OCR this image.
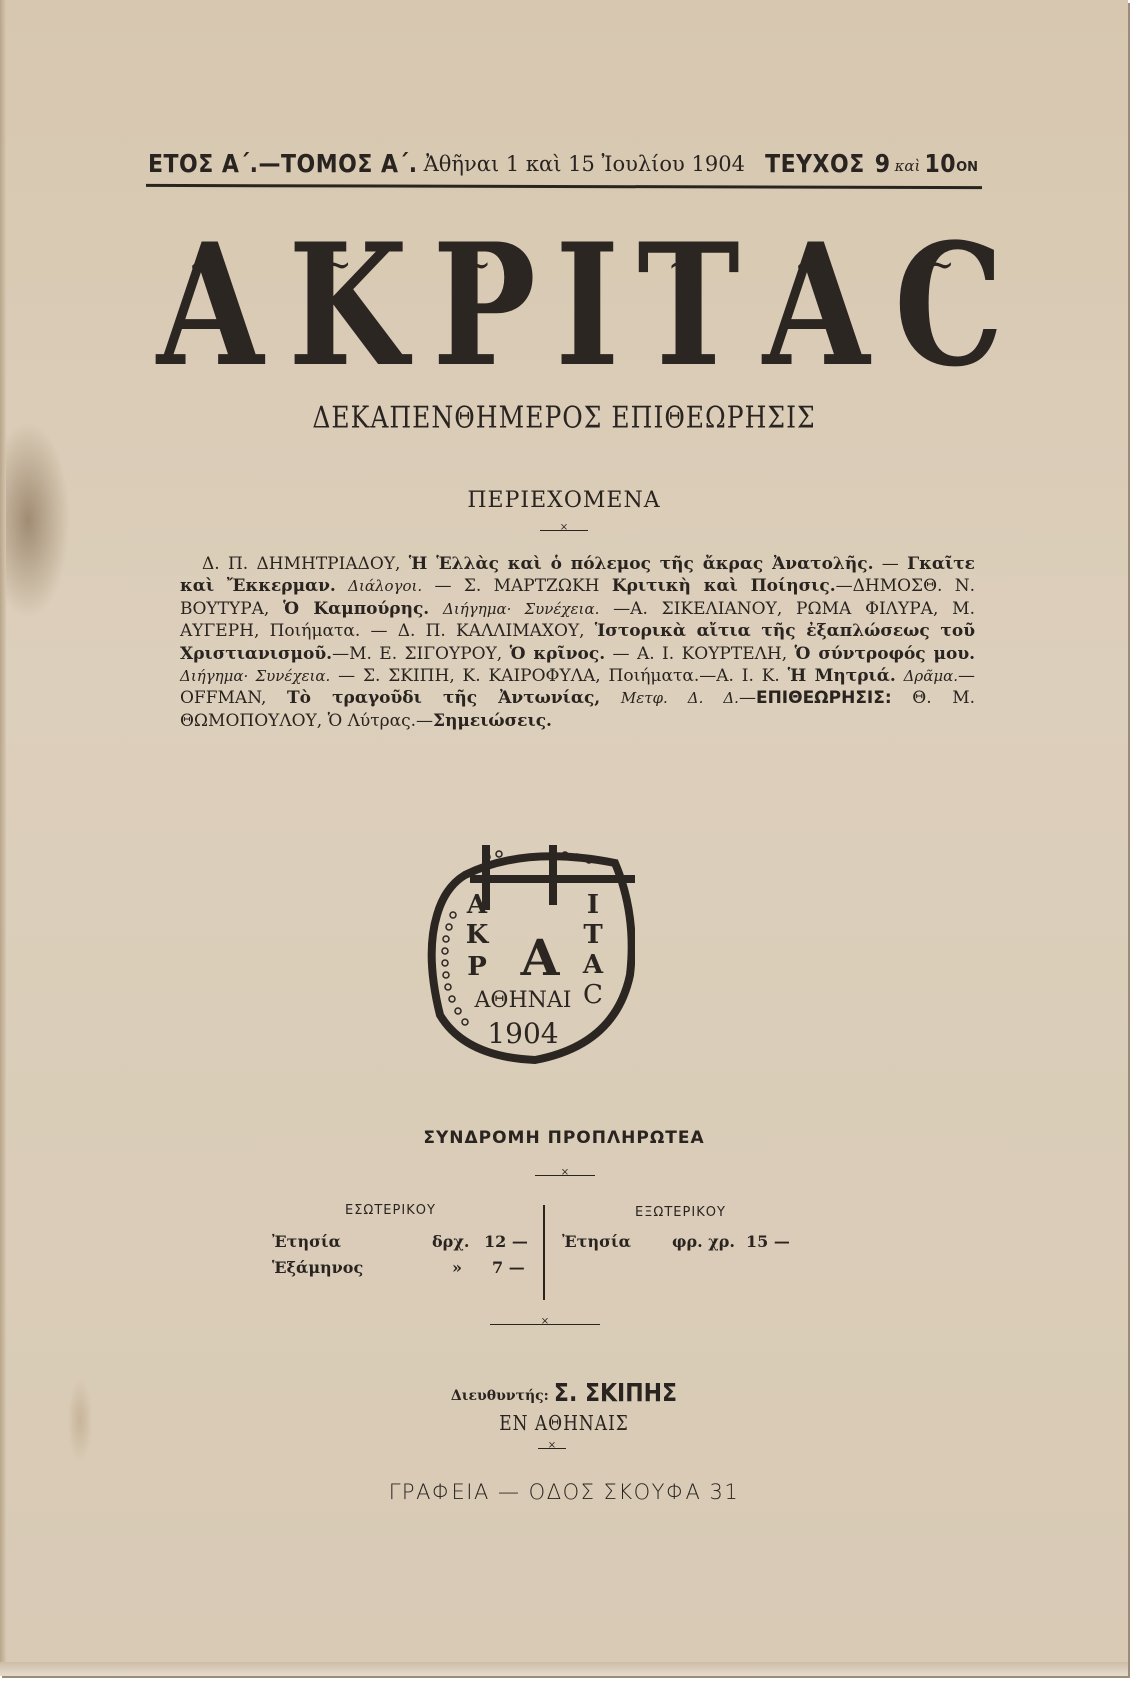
ΕΤΟΣ Α΄. —ΤΟΜΟΣ Α΄. Ἀθῆναι 1 καὶ 15 Ἰουλίου 1904 ΤΕΥΧΟΣ 9 καὶ 10 ΟΝ
~ Α ~ Κ ~ Ρ ~ Ι ~ Τ ~ Α ~ C
ΔΕΚΑΠΕΝΘΗΜΕΡΟΣ ΕΠΙΘΕΩΡΗΣΙΣ
ΠΕΡΙΕΧΟΜΕΝΑ
×
Δ. Π. ΔΗΜΗΤΡΙΑΔΟΥ, Ἡ Ἑλλὰς καὶ ὁ πόλεμος τῆς ἄκρας Ἀνατολῆς. — Γκαῖτε καὶ Ἔκκερμαν. Διάλογοι. — Σ. ΜΑΡΤΖΩΚΗ Κριτικὴ καὶ Ποίησις.—ΔΗΜΟΣΘ. Ν. ΒΟΥΤΥΡΑ, Ὁ Καμπούρης. Διήγημα· Συνέχεια. —Α. ΣΙΚΕΛΙΑΝΟΥ, ΡΩΜΑ ΦΙΛΥΡΑ, Μ. ΑΥΓΕΡΗ, Ποιήματα. — Δ. Π. ΚΑΛΛΙΜΑΧΟΥ, Ἱστορικὰ αἴτια τῆς ἐξαπλώσεως τοῦ Χριστιανισμοῦ.—Μ. Ε. ΣΙΓΟΥΡΟΥ, Ὁ κρῖνος. — Α. Ι. ΚΟΥΡΤΕΛΗ, Ὁ σύντροφός μου. Διήγημα· Συνέχεια. — Σ. ΣΚΙΠΗ, Κ. ΚΑΙΡΟΦΥΛΑ, Ποιήματα.—Α. Ι. Κ. Ἡ Μητριά. Δρᾶμα.—OFFMAN, Τὸ τραγοῦδι τῆς Ἀντωνίας, Μετφ. Δ. Δ.—ΕΠΙΘΕΩΡΗΣΙΣ: Θ. Μ. ΘΩΜΟΠΟΥΛΟΥ, Ὁ Λύτρας.—Σημειώσεις.
Α
Κ
Ρ Α
Ι
Τ
Α
C
ΑΘΗΝΑΙ
1904
ΣΥΝΔΡΟΜΗ ΠΡΟΠΛΗΡΩΤΕΑ
×
ΕΣΩΤΕΡΙΚΟΥ	ΕΞΩΤΕΡΙΚΟΥ
Ἐτησία	δρχ. 12 —
Ἑξάμηνος	»	7 —
Ἐτησία	φρ. χρ. 15 —
×
Διευθυντής: Σ. ΣΚΙΠΗΣ
ΕΝ ΑΘΗΝΑΙΣ
×
ΓΡΑΦΕΙΑ — ΟΔΟΣ ΣΚΟΥΦΑ 31
